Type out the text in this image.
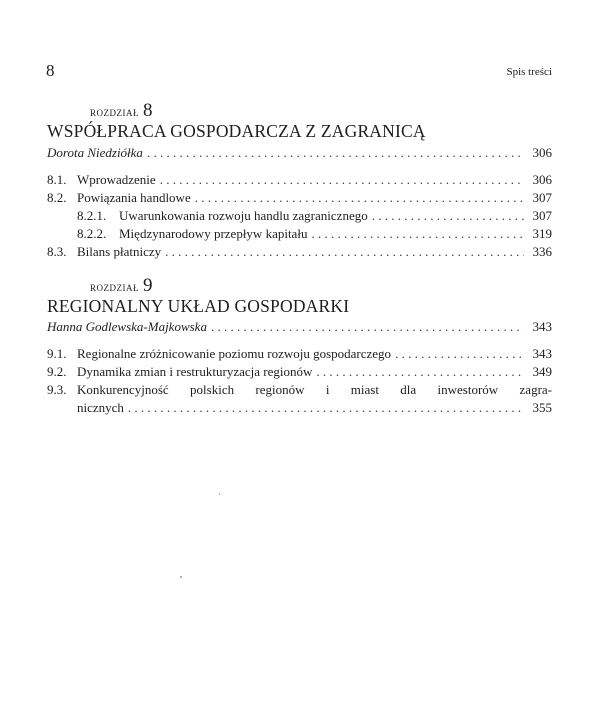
8	Spis treści
rozdział 8
WSPÓŁPRACA GOSPODARCZA Z ZAGRANICĄ
Dorota Niedziółka . . .	306
8.1. Wprowadzenie . . .	306
8.2. Powiązania handlowe . . .	307
8.2.1. Uwarunkowania rozwoju handlu zagranicznego . . .	307
8.2.2. Międzynarodowy przepływ kapitału . . .	319
8.3. Bilans płatniczy . . .	336
rozdział 9
REGIONALNY UKŁAD GOSPODARKI
Hanna Godlewska-Majkowska . . .	343
9.1. Regionalne zróżnicowanie poziomu rozwoju gospodarczego . . .	343
9.2. Dynamika zmian i restrukturyzacja regionów . . .	349
9.3. Konkurencyjność polskich regionów i miast dla inwestorów zagra-
nicznych . . .	355
